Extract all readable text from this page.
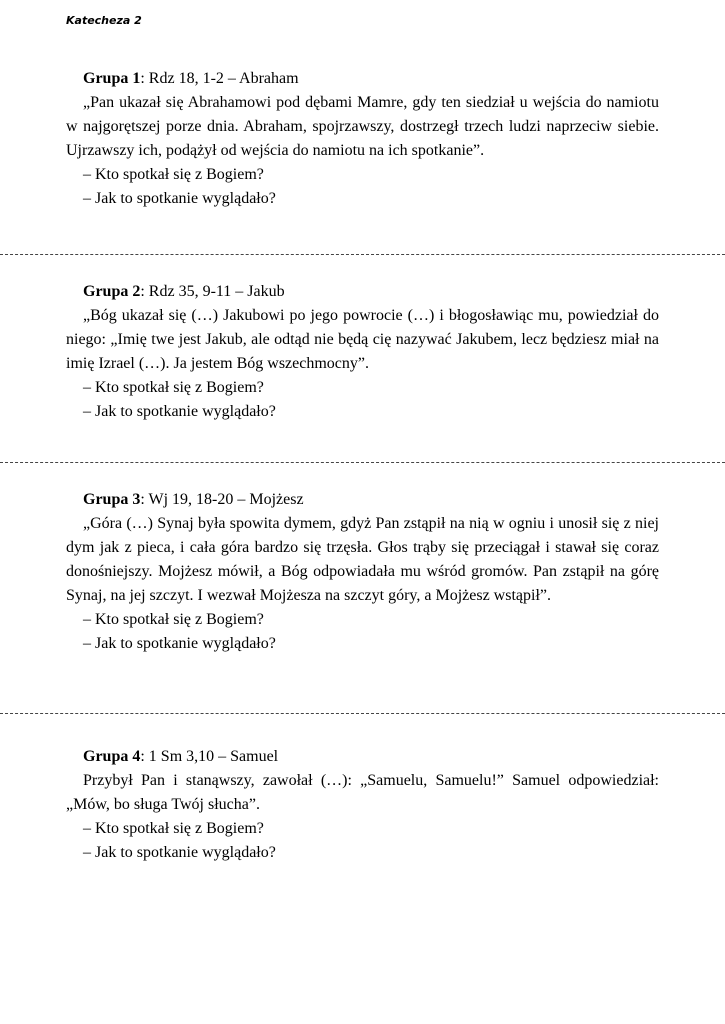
Katecheza 2

Grupa 1: Rdz 18, 1-2 – Abraham

„Pan ukazał się Abrahamowi pod dębami Mamre, gdy ten siedział u wejścia do namiotu w najgorętszej porze dnia. Abraham, spojrzawszy, dostrzegł trzech ludzi naprzeciw siebie. Ujrzawszy ich, podążył od wejścia do namiotu na ich spotkanie”.

– Kto spotkał się z Bogiem?

– Jak to spotkanie wyglądało?

Grupa 2: Rdz 35, 9-11 – Jakub

„Bóg ukazał się (…) Jakubowi po jego powrocie (…) i błogosławiąc mu, powiedział do niego: „Imię twe jest Jakub, ale odtąd nie będą cię nazywać Jakubem, lecz będziesz miał na imię Izrael (…). Ja jestem Bóg wszechmocny”.

– Kto spotkał się z Bogiem?

– Jak to spotkanie wyglądało?

Grupa 3: Wj 19, 18-20 – Mojżesz

„Góra (…) Synaj była spowita dymem, gdyż Pan zstąpił na nią w ogniu i unosił się z niej dym jak z pieca, i cała góra bardzo się trzęsła. Głos trąby się przeciągał i stawał się coraz donośniejszy. Mojżesz mówił, a Bóg odpowiadała mu wśród gromów. Pan zstąpił na górę Synaj, na jej szczyt. I wezwał Mojżesza na szczyt góry, a Mojżesz wstąpił”.

– Kto spotkał się z Bogiem?

– Jak to spotkanie wyglądało?

Grupa 4: 1 Sm 3,10 – Samuel

Przybył Pan i stanąwszy, zawołał (…): „Samuelu, Samuelu!” Samuel odpowiedział: „Mów, bo sługa Twój słucha”.

– Kto spotkał się z Bogiem?

– Jak to spotkanie wyglądało?
